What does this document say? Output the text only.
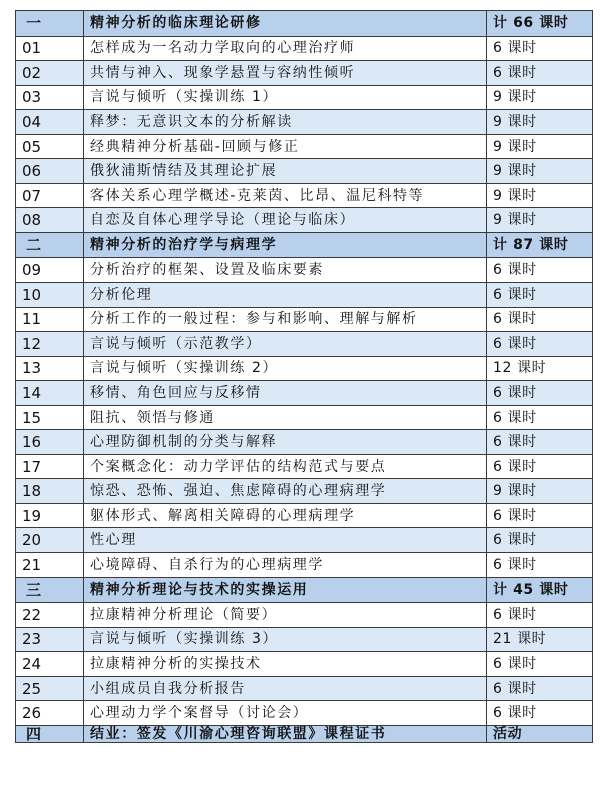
一	精神分析的临床理论研修	计 66 课时
01	怎样成为一名动力学取向的心理治疗师	6 课时
02	共情与神入、现象学悬置与容纳性倾听	6 课时
03	言说与倾听（实操训练 1）	9 课时
04	释梦：无意识文本的分析解读	9 课时
05	经典精神分析基础-回顾与修正	9 课时
06	俄狄浦斯情结及其理论扩展	9 课时
07	客体关系心理学概述-克莱茵、比昂、温尼科特等	9 课时
08	自恋及自体心理学导论（理论与临床）	9 课时
二	精神分析的治疗学与病理学	计 87 课时
09	分析治疗的框架、设置及临床要素	6 课时
10	分析伦理	6 课时
11	分析工作的一般过程：参与和影响、理解与解析	6 课时
12	言说与倾听（示范教学）	6 课时
13	言说与倾听（实操训练 2）	12 课时
14	移情、角色回应与反移情	6 课时
15	阻抗、领悟与修通	6 课时
16	心理防御机制的分类与解释	6 课时
17	个案概念化：动力学评估的结构范式与要点	6 课时
18	惊恐、恐怖、强迫、焦虑障碍的心理病理学	9 课时
19	躯体形式、解离相关障碍的心理病理学	6 课时
20	性心理	6 课时
21	心境障碍、自杀行为的心理病理学	6 课时
三	精神分析理论与技术的实操运用	计 45 课时
22	拉康精神分析理论（简要）	6 课时
23	言说与倾听（实操训练 3）	21 课时
24	拉康精神分析的实操技术	6 课时
25	小组成员自我分析报告	6 课时
26	心理动力学个案督导（讨论会）	6 课时
四	结业：签发《川渝心理咨询联盟》课程证书	活动
